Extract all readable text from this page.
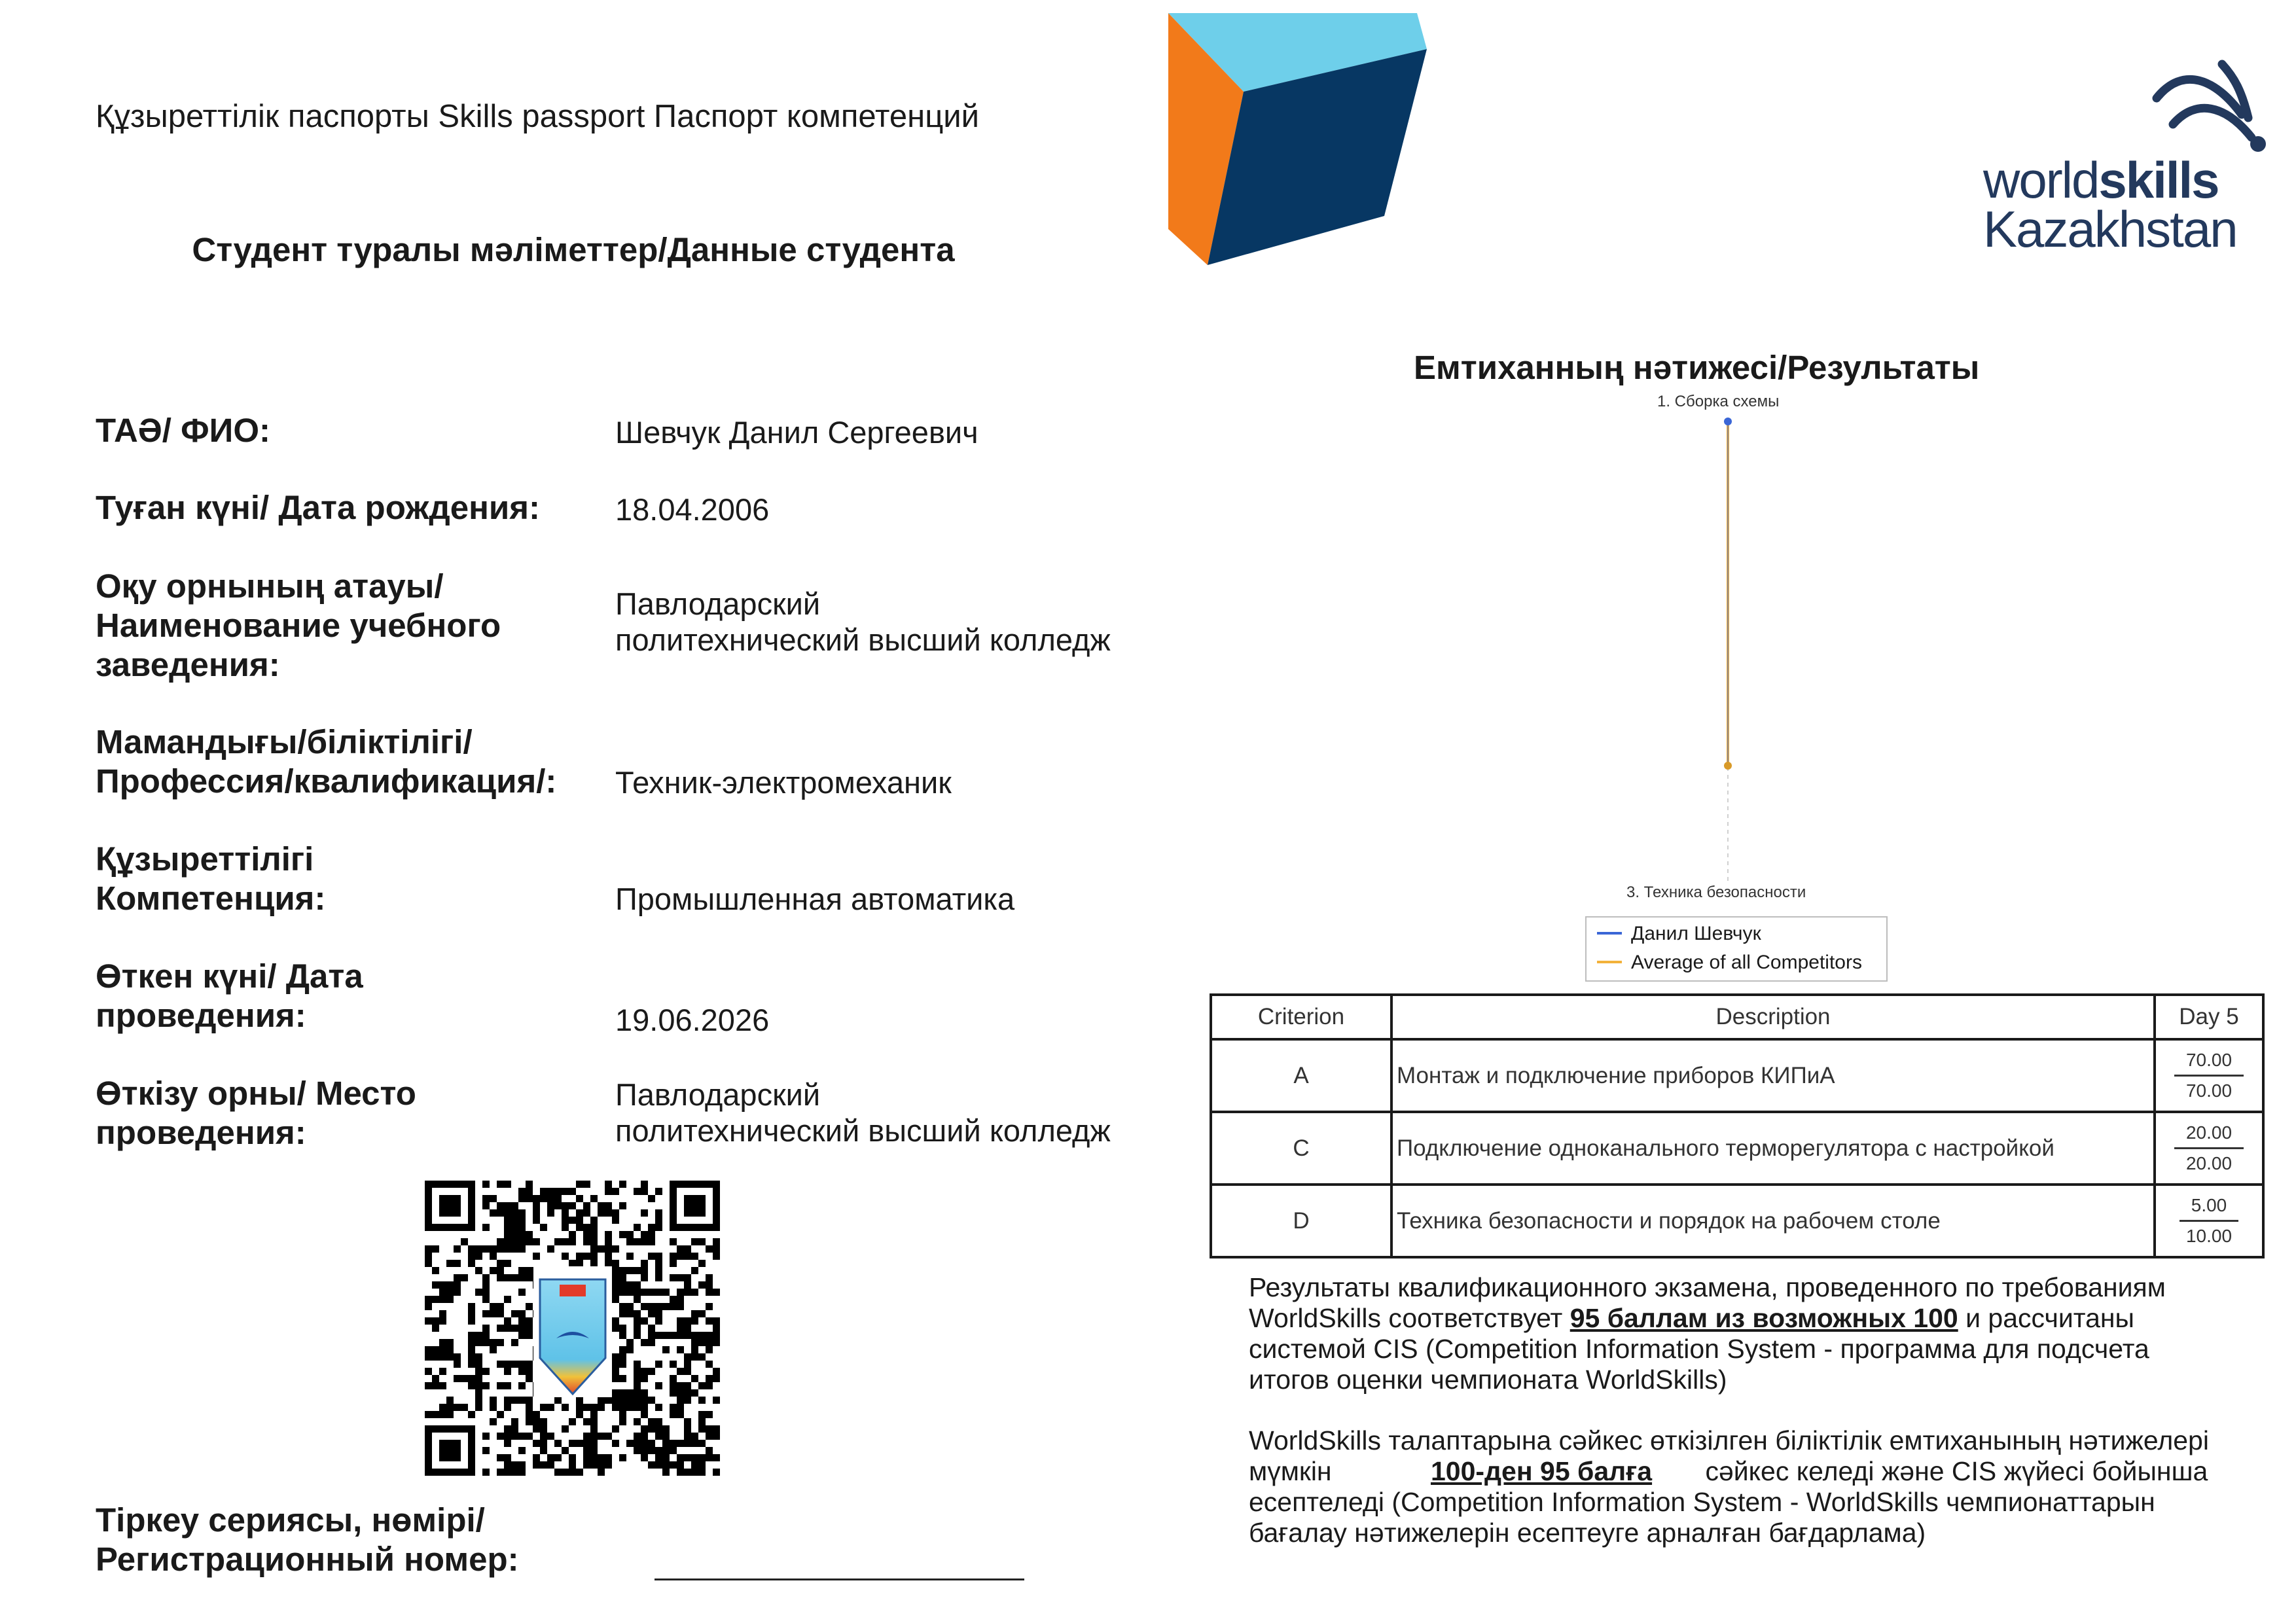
Құзыреттілік паспорты Skills passport Паспорт компетенций
Студент туралы мәліметтер/Данные студента
worldskills
Kazakhstan
ТАӘ/ ФИО:	Шевчук Данил Сергеевич
Туған күні/ Дата рождения: 18.04.2006
Оқу орнының атауы/
Наименование учебного
заведения:
Павлодарский
политехнический высший колледж
Мамандығы/біліктілігі/
Профессия/квалификация/: Техник-электромеханик
Құзыреттілігі
Компетенция:	Промышленная автоматика
Өткен күні/ Дата
проведения:	19.06.2026
Өткізу орны/ Место
проведения:
Павлодарский
политехнический высший колледж
Тіркеу сериясы, нөмірі/
Регистрационный номер:
Емтиханның нәтижесі/Результаты
1. Сборка схемы
3. Техника безопасности
Данил Шевчук
Average of all Competitors
Criterion	Description	Day 5
A	Монтаж и подключение приборов КИПиА	$\frac{70.00}{70.00}$

C	Подключение одноканального терморегулятора с настройкой	$\frac{20.00}{20.00}$

D	Техника безопасности и порядок на рабочем столе	$\frac{5.00}{10.00}$
Результаты квалификационного экзамена, проведенного по требованиям
WorldSkills соответствует 95 баллам из возможных 100 и рассчитаны
системой CIS (Competition Information System - программа для подсчета
итогов оценки чемпионата WorldSkills)
WorldSkills талаптарына сәйкес өткізілген біліктілік емтиханының нәтижелері
мүмкін	100-ден 95 балға сәйкес келеді және CIS жүйесі бойынша
есептеледі (Competition Information System - WorldSkills чемпионаттарын
бағалау нәтижелерін есептеуге арналған бағдарлама)
